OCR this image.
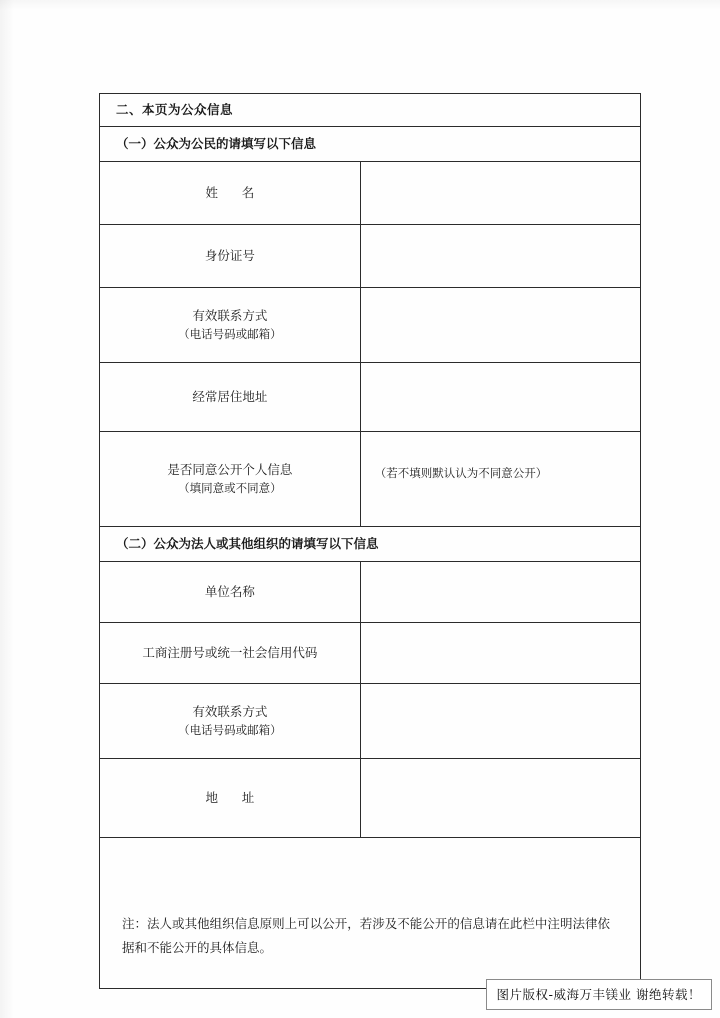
二、本页为公众信息	
（一）公众为公民的请填写以下信息	

姓      名	

身份证号	

有效联系方式
（电话号码或邮箱）	

经常居住地址	

是否同意公开个人信息
（填同意或不同意）	（若不填则默认认为不同意公开）

（二）公众为法人或其他组织的请填写以下信息	

单位名称	

工商注册号或统一社会信用代码	

有效联系方式
（电话号码或邮箱）	

地      址	

注：法人或其他组织信息原则上可以公开，若涉及不能公开的信息请在此栏中注明法律依据和不能公开的具体信息。	
图片版权-威海万丰镁业 谢绝转载！
